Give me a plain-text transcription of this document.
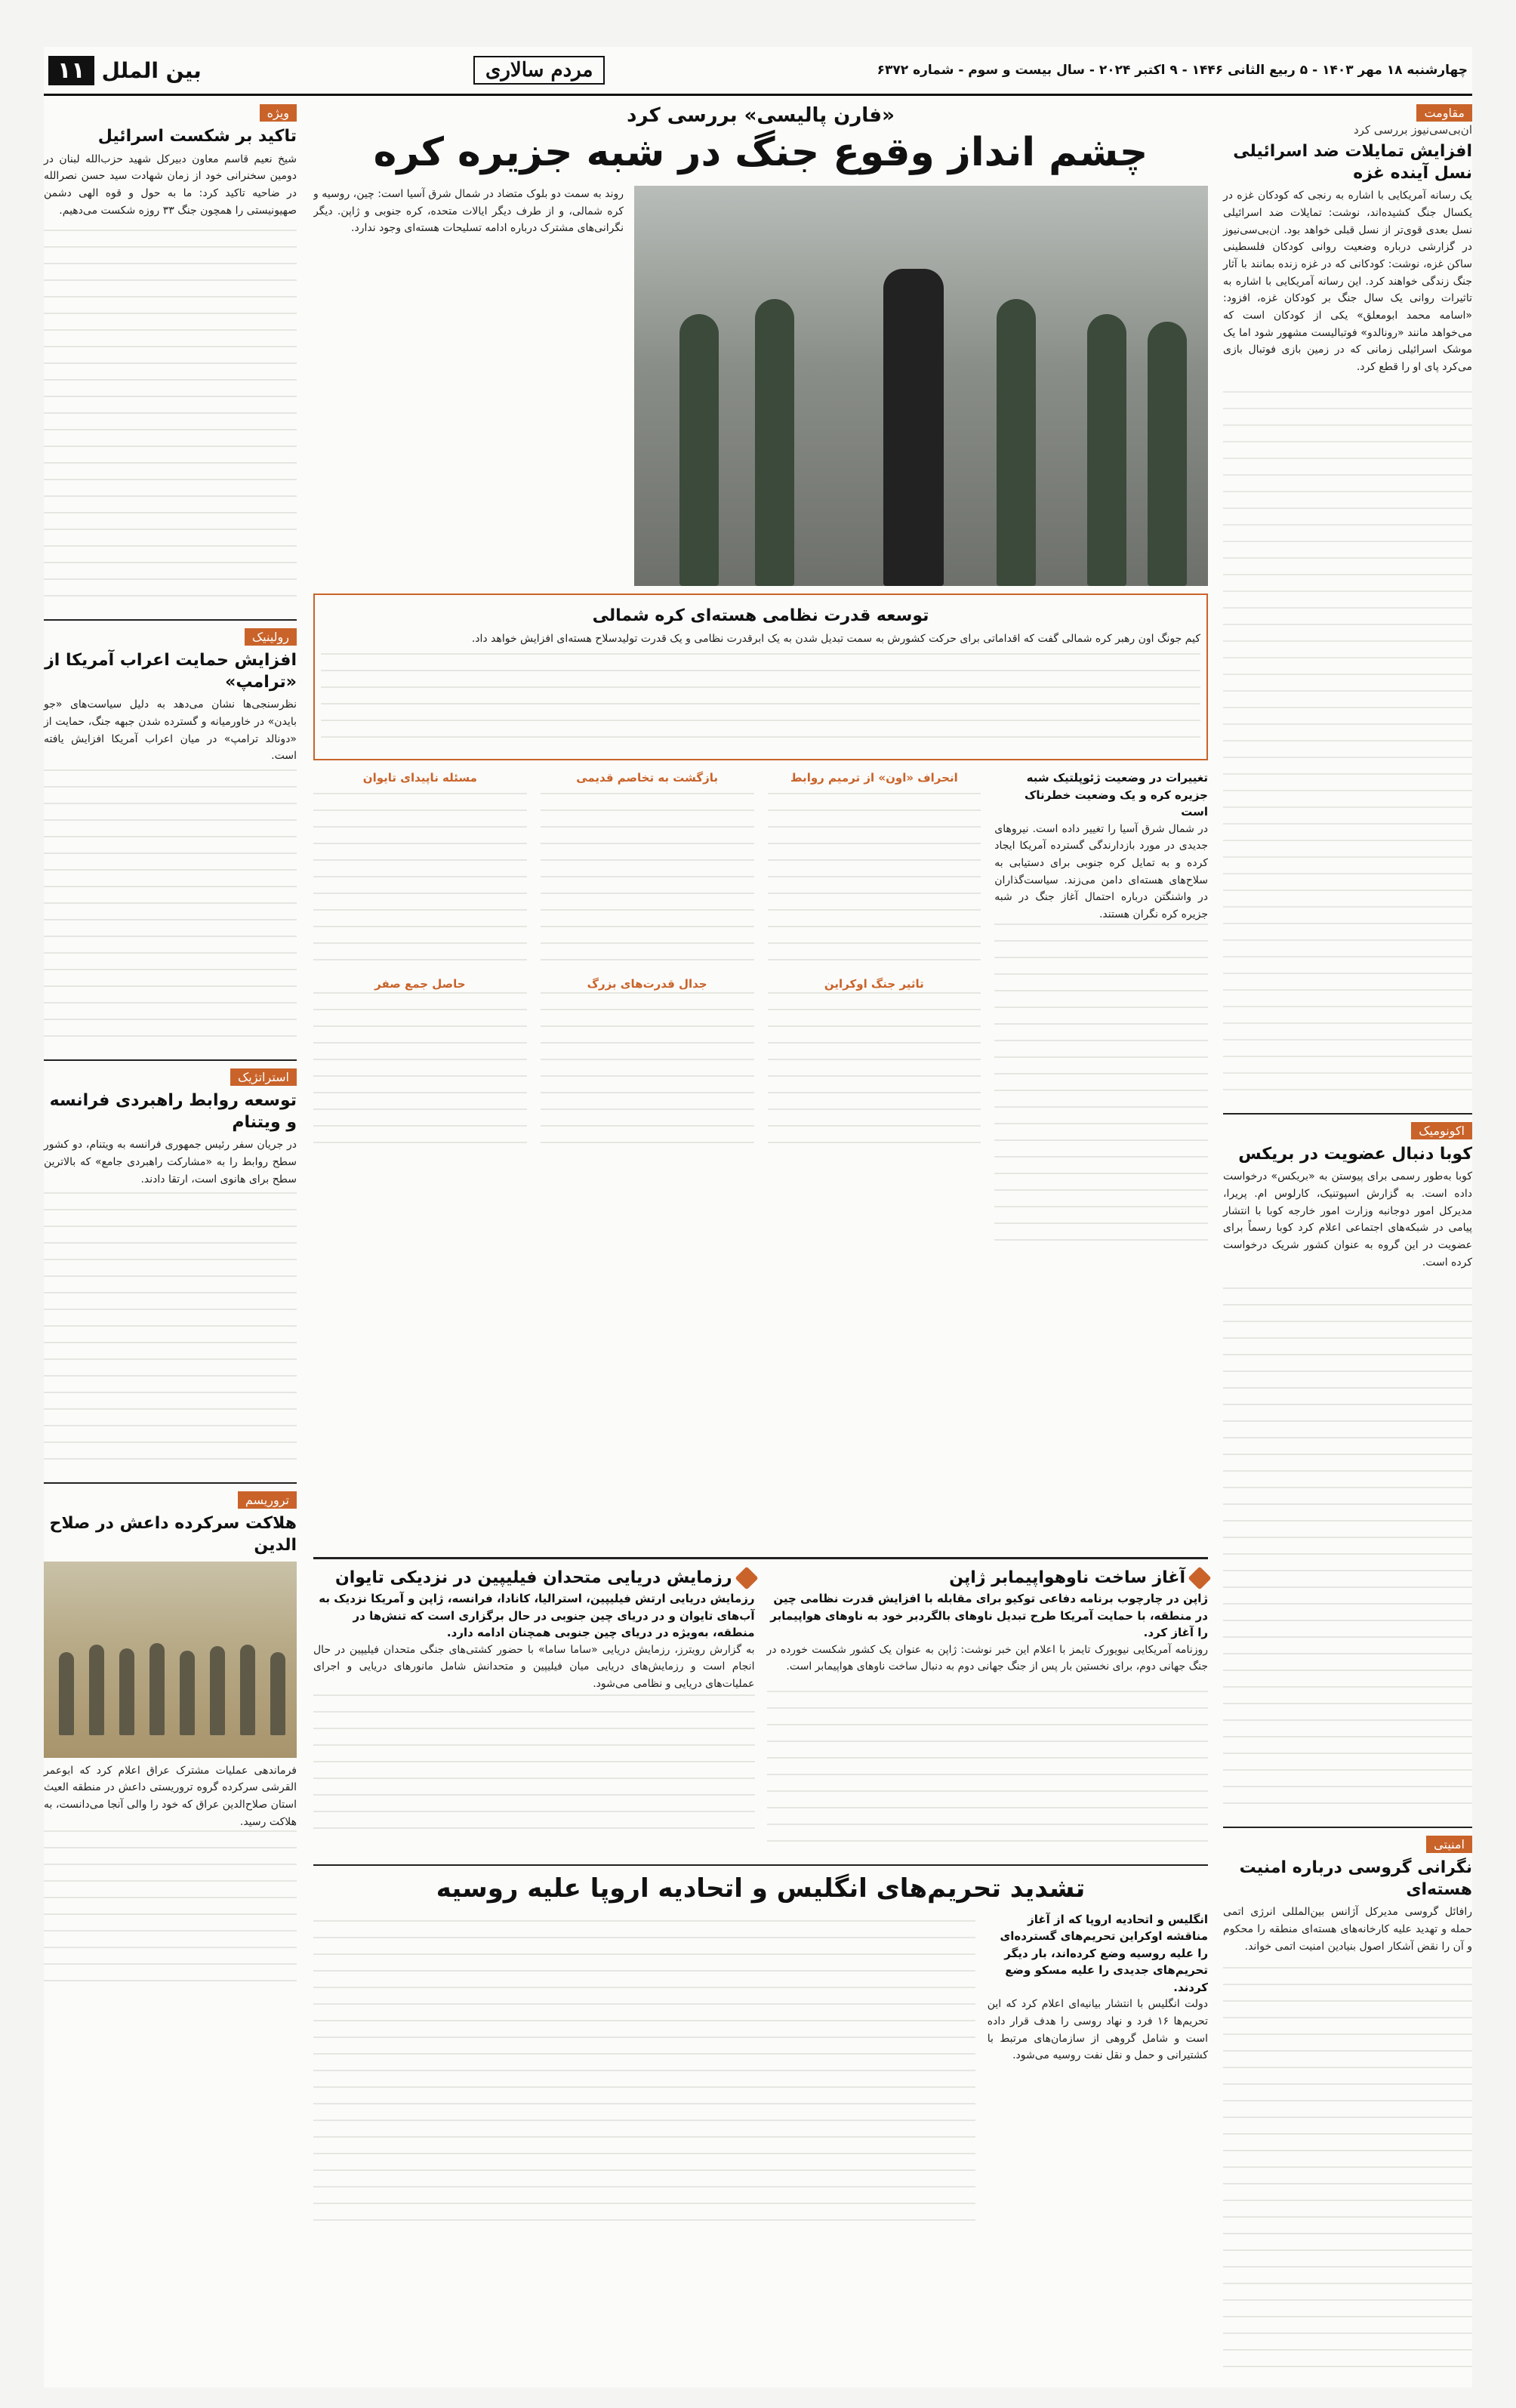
چهارشنبه ۱۸ مهر ۱۴۰۳ - ۵ ربیع الثانی ۱۴۴۶ - ۹ اکتبر ۲۰۲۴ - سال بیست و سوم - شماره ۶۳۷۲
مردم سالاری
بین الملل
۱۱
مقاومت
ان‌بی‌سی‌نیوز بررسی کرد
افزایش تمایلات ضد اسرائیلی نسل آینده غزه
یک رسانه آمریکایی با اشاره به رنجی که کودکان غزه در یکسال جنگ کشیده‌اند، نوشت: تمایلات ضد اسرائیلی نسل بعدی قوی‌تر از نسل قبلی خواهد بود. ان‌بی‌سی‌نیوز در گزارشی درباره وضعیت روانی کودکان فلسطینی ساکن غزه، نوشت: کودکانی که در غزه زنده بمانند با آثار جنگ زندگی خواهند کرد. این رسانه آمریکایی با اشاره به تاثیرات روانی یک سال جنگ بر کودکان غزه، افزود: «اسامه محمد ابومعلق» یکی از کودکان است که می‌خواهد مانند «رونالدو» فوتبالیست مشهور شود اما یک موشک اسرائیلی زمانی که در زمین بازی فوتبال بازی می‌کرد پای او را قطع کرد.
اکونومیک
کوبا دنبال عضویت در بریکس
کوبا به‌طور رسمی برای پیوستن به «بریکس» درخواست داده است. به گزارش اسپوتنیک، کارلوس ام. پریرا، مدیرکل امور دوجانبه وزارت امور خارجه کوبا با انتشار پیامی در شبکه‌های اجتماعی اعلام کرد کوبا رسماً برای عضویت در این گروه به عنوان کشور شریک درخواست کرده است.
امنیتی
نگرانی گروسی درباره امنیت هسته‌ای
رافائل گروسی مدیرکل آژانس بین‌المللی انرژی اتمی حمله و تهدید علیه کارخانه‌های هسته‌ای منطقه را محکوم و آن را نقض آشکار اصول بنیادین امنیت اتمی خواند.
«فارن پالیسی» بررسی کرد
چشم انداز وقوع جنگ در شبه جزیره کره
روند به سمت دو بلوک متضاد در شمال شرق آسیا است: چین، روسیه و کره شمالی، و از طرف دیگر ایالات متحده، کره جنوبی و ژاپن. دیگر نگرانی‌های مشترک درباره ادامه تسلیحات هسته‌ای وجود ندارد.
توسعه قدرت نظامی هسته‌ای کره شمالی
کیم جونگ اون رهبر کره شمالی گفت که اقداماتی برای حرکت کشورش به سمت تبدیل شدن به یک ابرقدرت نظامی و یک قدرت تولیدسلاح هسته‌ای افزایش خواهد داد.
تغییرات در وضعیت ژئوپلتیک شبه جزیره کره و یک وضعیت خطرناک است
در شمال شرق آسیا را تغییر داده است. نیروهای جدیدی در مورد بازدارندگی گسترده آمریکا ایجاد کرده و به تمایل کره جنوبی برای دستیابی به سلاح‌های هسته‌ای دامن می‌زند. سیاست‌گذاران در واشنگتن درباره احتمال آغاز جنگ در شبه جزیره کره نگران هستند.
انحراف «اون» از ترمیم روابط
تاثیر جنگ اوکراین
بازگشت به تخاصم قدیمی
جدال قدرت‌های بزرگ
مسئله ناپیدای تایوان
حاصل جمع صفر
ویژه
تاکید بر شکست اسرائیل
شیخ نعیم قاسم معاون دبیرکل شهید حزب‌الله لبنان در دومین سخنرانی خود از زمان شهادت سید حسن نصرالله در ضاحیه تاکید کرد: ما به حول و قوه الهی دشمن صهیونیستی را همچون جنگ ۳۳ روزه شکست می‌دهیم.
رولینیک
افزایش حمایت اعراب آمریکا از «ترامپ»
نظرسنجی‌ها نشان می‌دهد به دلیل سیاست‌های «جو بایدن» در خاورمیانه و گسترده شدن جبهه جنگ، حمایت از «دونالد ترامپ» در میان اعراب آمریکا افزایش یافته است.
استراتژیک
توسعه روابط راهبردی فرانسه و ویتنام
در جریان سفر رئیس جمهوری فرانسه به ویتنام، دو کشور سطح روابط را به «مشارکت راهبردی جامع» که بالاترین سطح برای هانوی است، ارتقا دادند.
تروریسم
هلاکت سرکرده داعش در صلاح الدین
فرماندهی عملیات مشترک عراق اعلام کرد که ابوعمر القرشی سرکرده گروه تروریستی داعش در منطقه العیث استان صلاح‌الدین عراق که خود را والی آنجا می‌دانست، به هلاکت رسید.
آغاز ساخت ناوهواپیمابر ژاپن
ژاپن در چارچوب برنامه دفاعی توکیو برای مقابله با افزایش قدرت نظامی چین در منطقه، با حمایت آمریکا طرح تبدیل ناوهای بالگردبر خود به ناوهای هواپیمابر را آغاز کرد.
روزنامه آمریکایی نیویورک تایمز با اعلام این خبر نوشت: ژاپن به عنوان یک کشور شکست خورده در جنگ جهانی دوم، برای نخستین بار پس از جنگ جهانی دوم به دنبال ساخت ناوهای هواپیمابر است.
رزمایش دریایی متحدان فیلیپین در نزدیکی تایوان
رزمایش دریایی ارتش فیلیپین، استرالیا، کانادا، فرانسه، ژاپن و آمریکا نزدیک به آب‌های تایوان و در دریای چین جنوبی در حال برگزاری است که تنش‌ها در منطقه، به‌ویژه در دریای چین جنوبی همچنان ادامه دارد.
به گزارش رویترز، رزمایش دریایی «ساما ساما» با حضور کشتی‌های جنگی متحدان فیلیپین در حال انجام است و رزمایش‌های دریایی میان فیلیپین و متحدانش شامل مانورهای دریایی و اجرای عملیات‌های دریایی و نظامی می‌شود.
تشدید تحریم‌های انگلیس و اتحادیه اروپا علیه روسیه
انگلیس و اتحادیه اروپا که از آغاز مناقشه اوکراین تحریم‌های گسترده‌ای را علیه روسیه وضع کرده‌اند، بار دیگر تحریم‌های جدیدی را علیه مسکو وضع کردند.
دولت انگلیس با انتشار بیانیه‌ای اعلام کرد که این تحریم‌ها ۱۶ فرد و نهاد روسی را هدف قرار داده است و شامل گروهی از سازمان‌های مرتبط با کشتیرانی و حمل و نقل نفت روسیه می‌شود.
